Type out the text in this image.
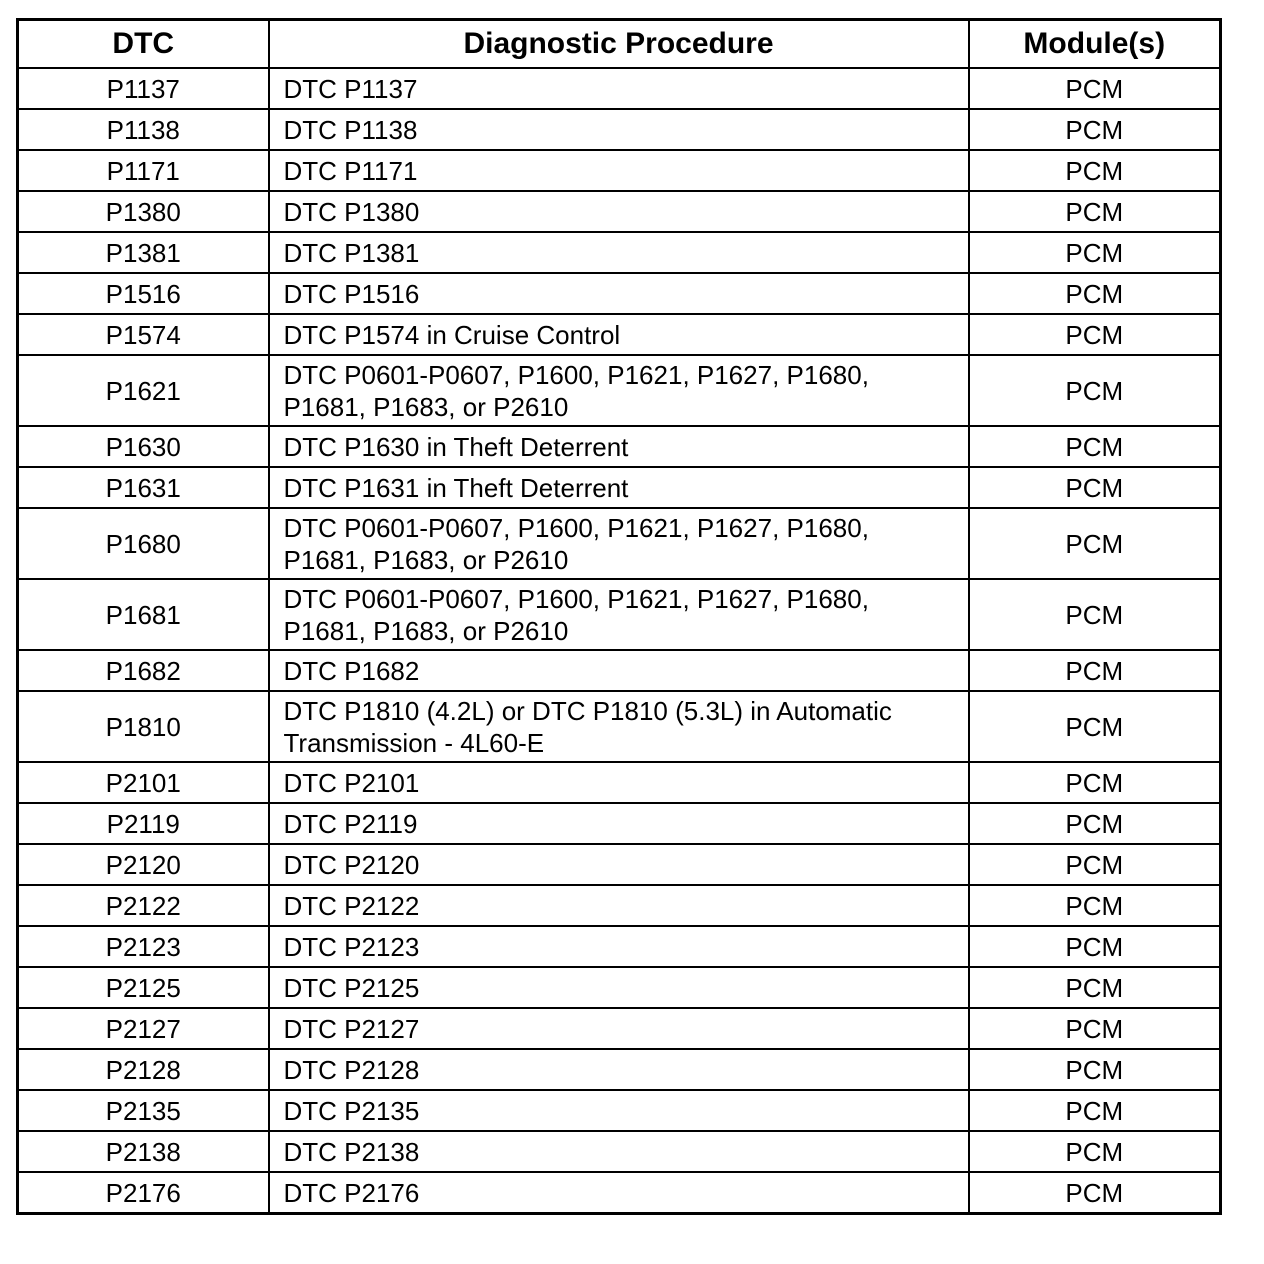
DTC	Diagnostic Procedure	Module(s)
P1137	DTC P1137	PCM
P1138	DTC P1138	PCM
P1171	DTC P1171	PCM
P1380	DTC P1380	PCM
P1381	DTC P1381	PCM
P1516	DTC P1516	PCM
P1574	DTC P1574 in Cruise Control	PCM
P1621	DTC P0601-P0607, P1600, P1621, P1627, P1680, P1681, P1683, or P2610	PCM
P1630	DTC P1630 in Theft Deterrent	PCM
P1631	DTC P1631 in Theft Deterrent	PCM
P1680	DTC P0601-P0607, P1600, P1621, P1627, P1680, P1681, P1683, or P2610	PCM
P1681	DTC P0601-P0607, P1600, P1621, P1627, P1680, P1681, P1683, or P2610	PCM
P1682	DTC P1682	PCM
P1810	DTC P1810 (4.2L) or DTC P1810 (5.3L) in Automatic Transmission - 4L60-E	PCM
P2101	DTC P2101	PCM
P2119	DTC P2119	PCM
P2120	DTC P2120	PCM
P2122	DTC P2122	PCM
P2123	DTC P2123	PCM
P2125	DTC P2125	PCM
P2127	DTC P2127	PCM
P2128	DTC P2128	PCM
P2135	DTC P2135	PCM
P2138	DTC P2138	PCM
P2176	DTC P2176	PCM
